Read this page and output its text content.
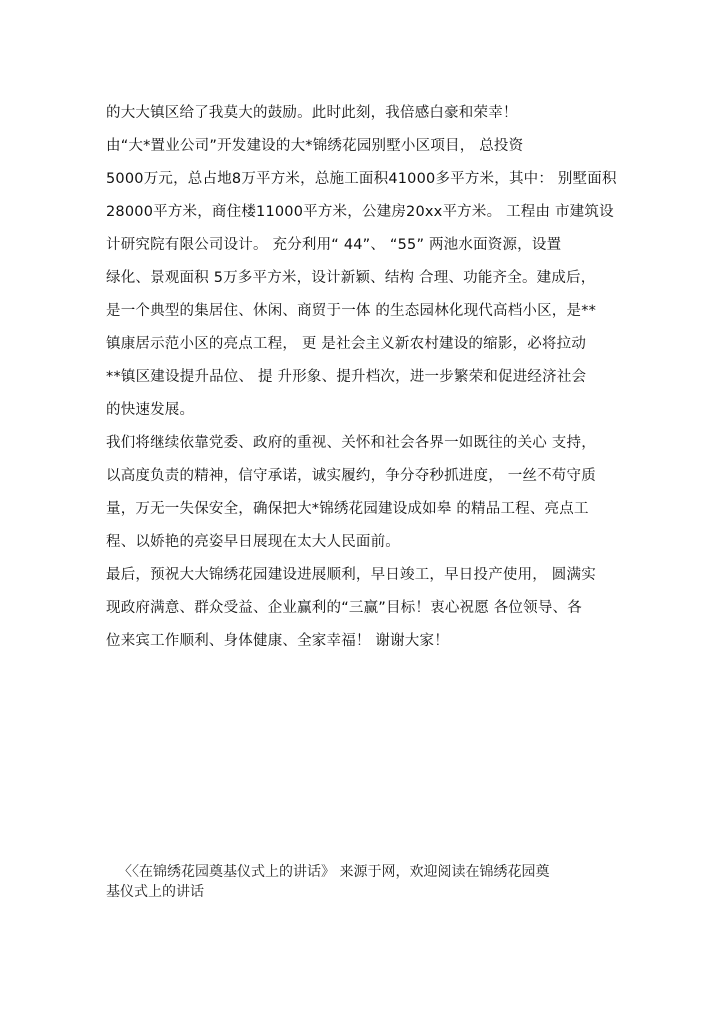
的大大镇区给了我莫大的鼓励。此时此刻，我倍感白豪和荣幸！
由“大*置业公司”开发建设的大*锦绣花园别墅小区项目， 总投资
5000万元，总占地8万平方米，总施工面积41000多平方米，其中： 别墅面积
28000平方米，商住楼11000平方米，公建房20xx平方米。 工程由 市建筑设
计研究院有限公司设计。 充分利用“ 44”、 “55” 两池水面资源，设置
绿化、景观面积 5万多平方米，设计新颖、结构 合理、功能齐全。建成后，
是一个典型的集居住、休闲、商贸于一体 的生态园林化现代高档小区，是**
镇康居示范小区的亮点工程， 更 是社会主义新农村建设的缩影，必将拉动
**镇区建设提升品位、 提 升形象、提升档次，进一步繁荣和促进经济社会
的快速发展。
我们将继续依靠党委、政府的重视、关怀和社会各界一如既往的关心 支持，
以高度负责的精神，信守承诺，诚实履约，争分夺秒抓进度， 一丝不苟守质
量，万无一失保安全，确保把大*锦绣花园建设成如皋 的精品工程、亮点工
程、以娇艳的亮姿早日展现在太大人民面前。
最后，预祝大大锦绣花园建设进展顺利，早日竣工，早日投产使用， 圆满实
现政府满意、群众受益、企业赢利的“三赢”目标！衷心祝愿 各位领导、各
位来宾工作顺利、身体健康、全家幸福！ 谢谢大家！
〈〈在锦绣花园奠基仪式上的讲话》 来源于网，欢迎阅读在锦绣花园奠
基仪式上的讲话
